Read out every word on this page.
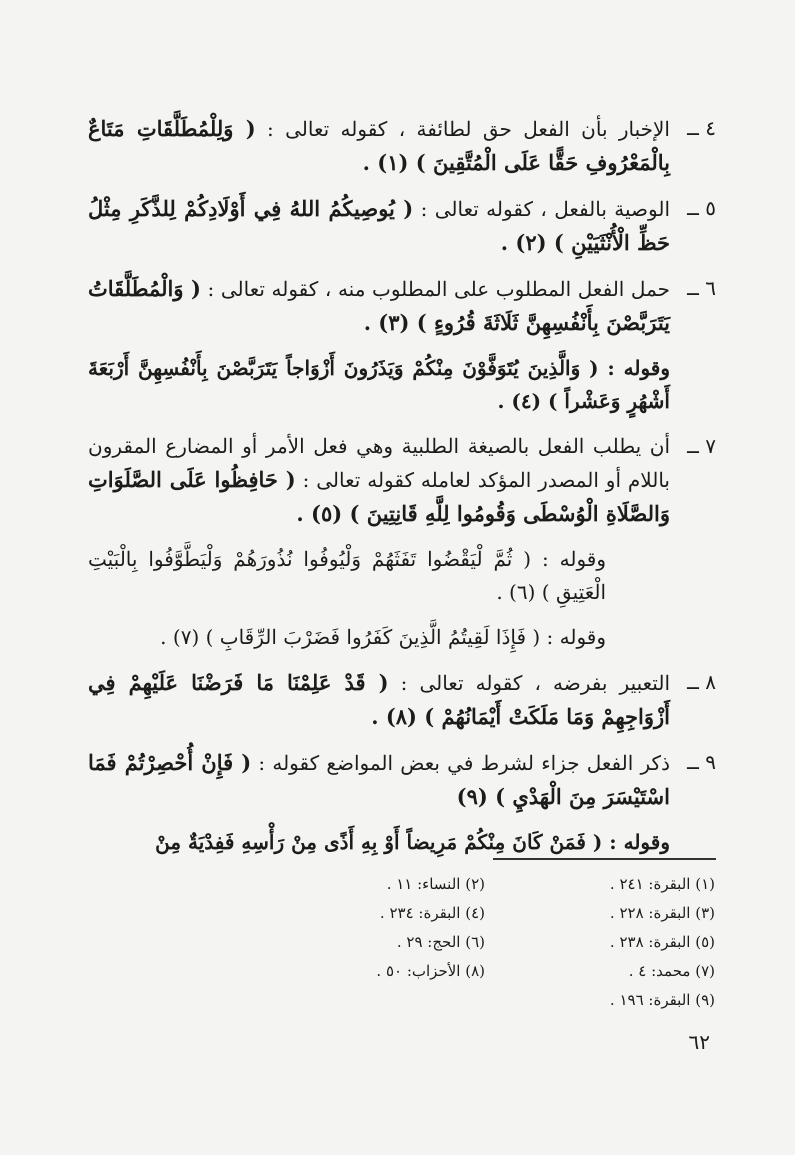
٤ ــ
الإخبار بأن الفعل حق لطائفة ، كقوله تعالى : ( وَلِلْمُطَلَّقَاتِ مَتَاعٌ بِالْمَعْرُوفِ حَقًّا عَلَى الْمُتَّقِينَ ) (١) .
٥ ــ
الوصية بالفعل ، كقوله تعالى : ( يُوصِيكُمُ اللهُ فِي أَوْلَادِكُمْ لِلذَّكَرِ مِثْلُ حَظِّ الْأُنْثَيَيْنِ ) (٢) .
٦ ــ
حمل الفعل المطلوب على المطلوب منه ، كقوله تعالى : ( وَالْمُطَلَّقَاتُ يَتَرَبَّصْنَ بِأَنْفُسِهِنَّ ثَلَاثَةَ قُرُوءٍ ) (٣) .
وقوله : ( وَالَّذِينَ يُتَوَفَّوْنَ مِنْكُمْ وَيَذَرُونَ أَزْوَاجاً يَتَرَبَّصْنَ بِأَنْفُسِهِنَّ أَرْبَعَةَ أَشْهُرٍ وَعَشْراً ) (٤) .
٧ ــ
أن يطلب الفعل بالصيغة الطلبية وهي فعل الأمر أو المضارع المقرون باللام أو المصدر المؤكد لعامله كقوله تعالى : ( حَافِظُوا عَلَى الصَّلَوَاتِ وَالصَّلَاةِ الْوُسْطَى وَقُومُوا لِلَّهِ قَانِتِينَ ) (٥) .
وقوله : ( ثُمَّ لْيَقْضُوا تَفَثَهُمْ وَلْيُوفُوا نُذُورَهُمْ وَلْيَطَّوَّفُوا بِالْبَيْتِ الْعَتِيقِ ) (٦) .
وقوله : ( فَإِذَا لَقِيتُمُ الَّذِينَ كَفَرُوا فَضَرْبَ الرِّقَابِ ) (٧) .
٨ ــ
التعبير بفرضه ، كقوله تعالى : ( قَدْ عَلِمْنَا مَا فَرَضْنَا عَلَيْهِمْ فِي أَزْوَاجِهِمْ وَمَا مَلَكَتْ أَيْمَانُهُمْ ) (٨) .
٩ ــ
ذكر الفعل جزاء لشرط في بعض المواضع كقوله : ( فَإِنْ أُحْصِرْتُمْ فَمَا اسْتَيْسَرَ مِنَ الْهَدْيِ ) (٩)
وقوله : ( فَمَنْ كَانَ مِنْكُمْ مَرِيضاً أَوْ بِهِ أَذًى مِنْ رَأْسِهِ فَفِدْيَةٌ مِنْ
(١) البقرة: ٢٤١ .
(٢) النساء: ١١ .
(٣) البقرة: ٢٢٨ .
(٤) البقرة: ٢٣٤ .
(٥) البقرة: ٢٣٨ .
(٦) الحج: ٢٩ .
(٧) محمد: ٤ .
(٨) الأحزاب: ٥٠ .
(٩) البقرة: ١٩٦ .
٦٢
